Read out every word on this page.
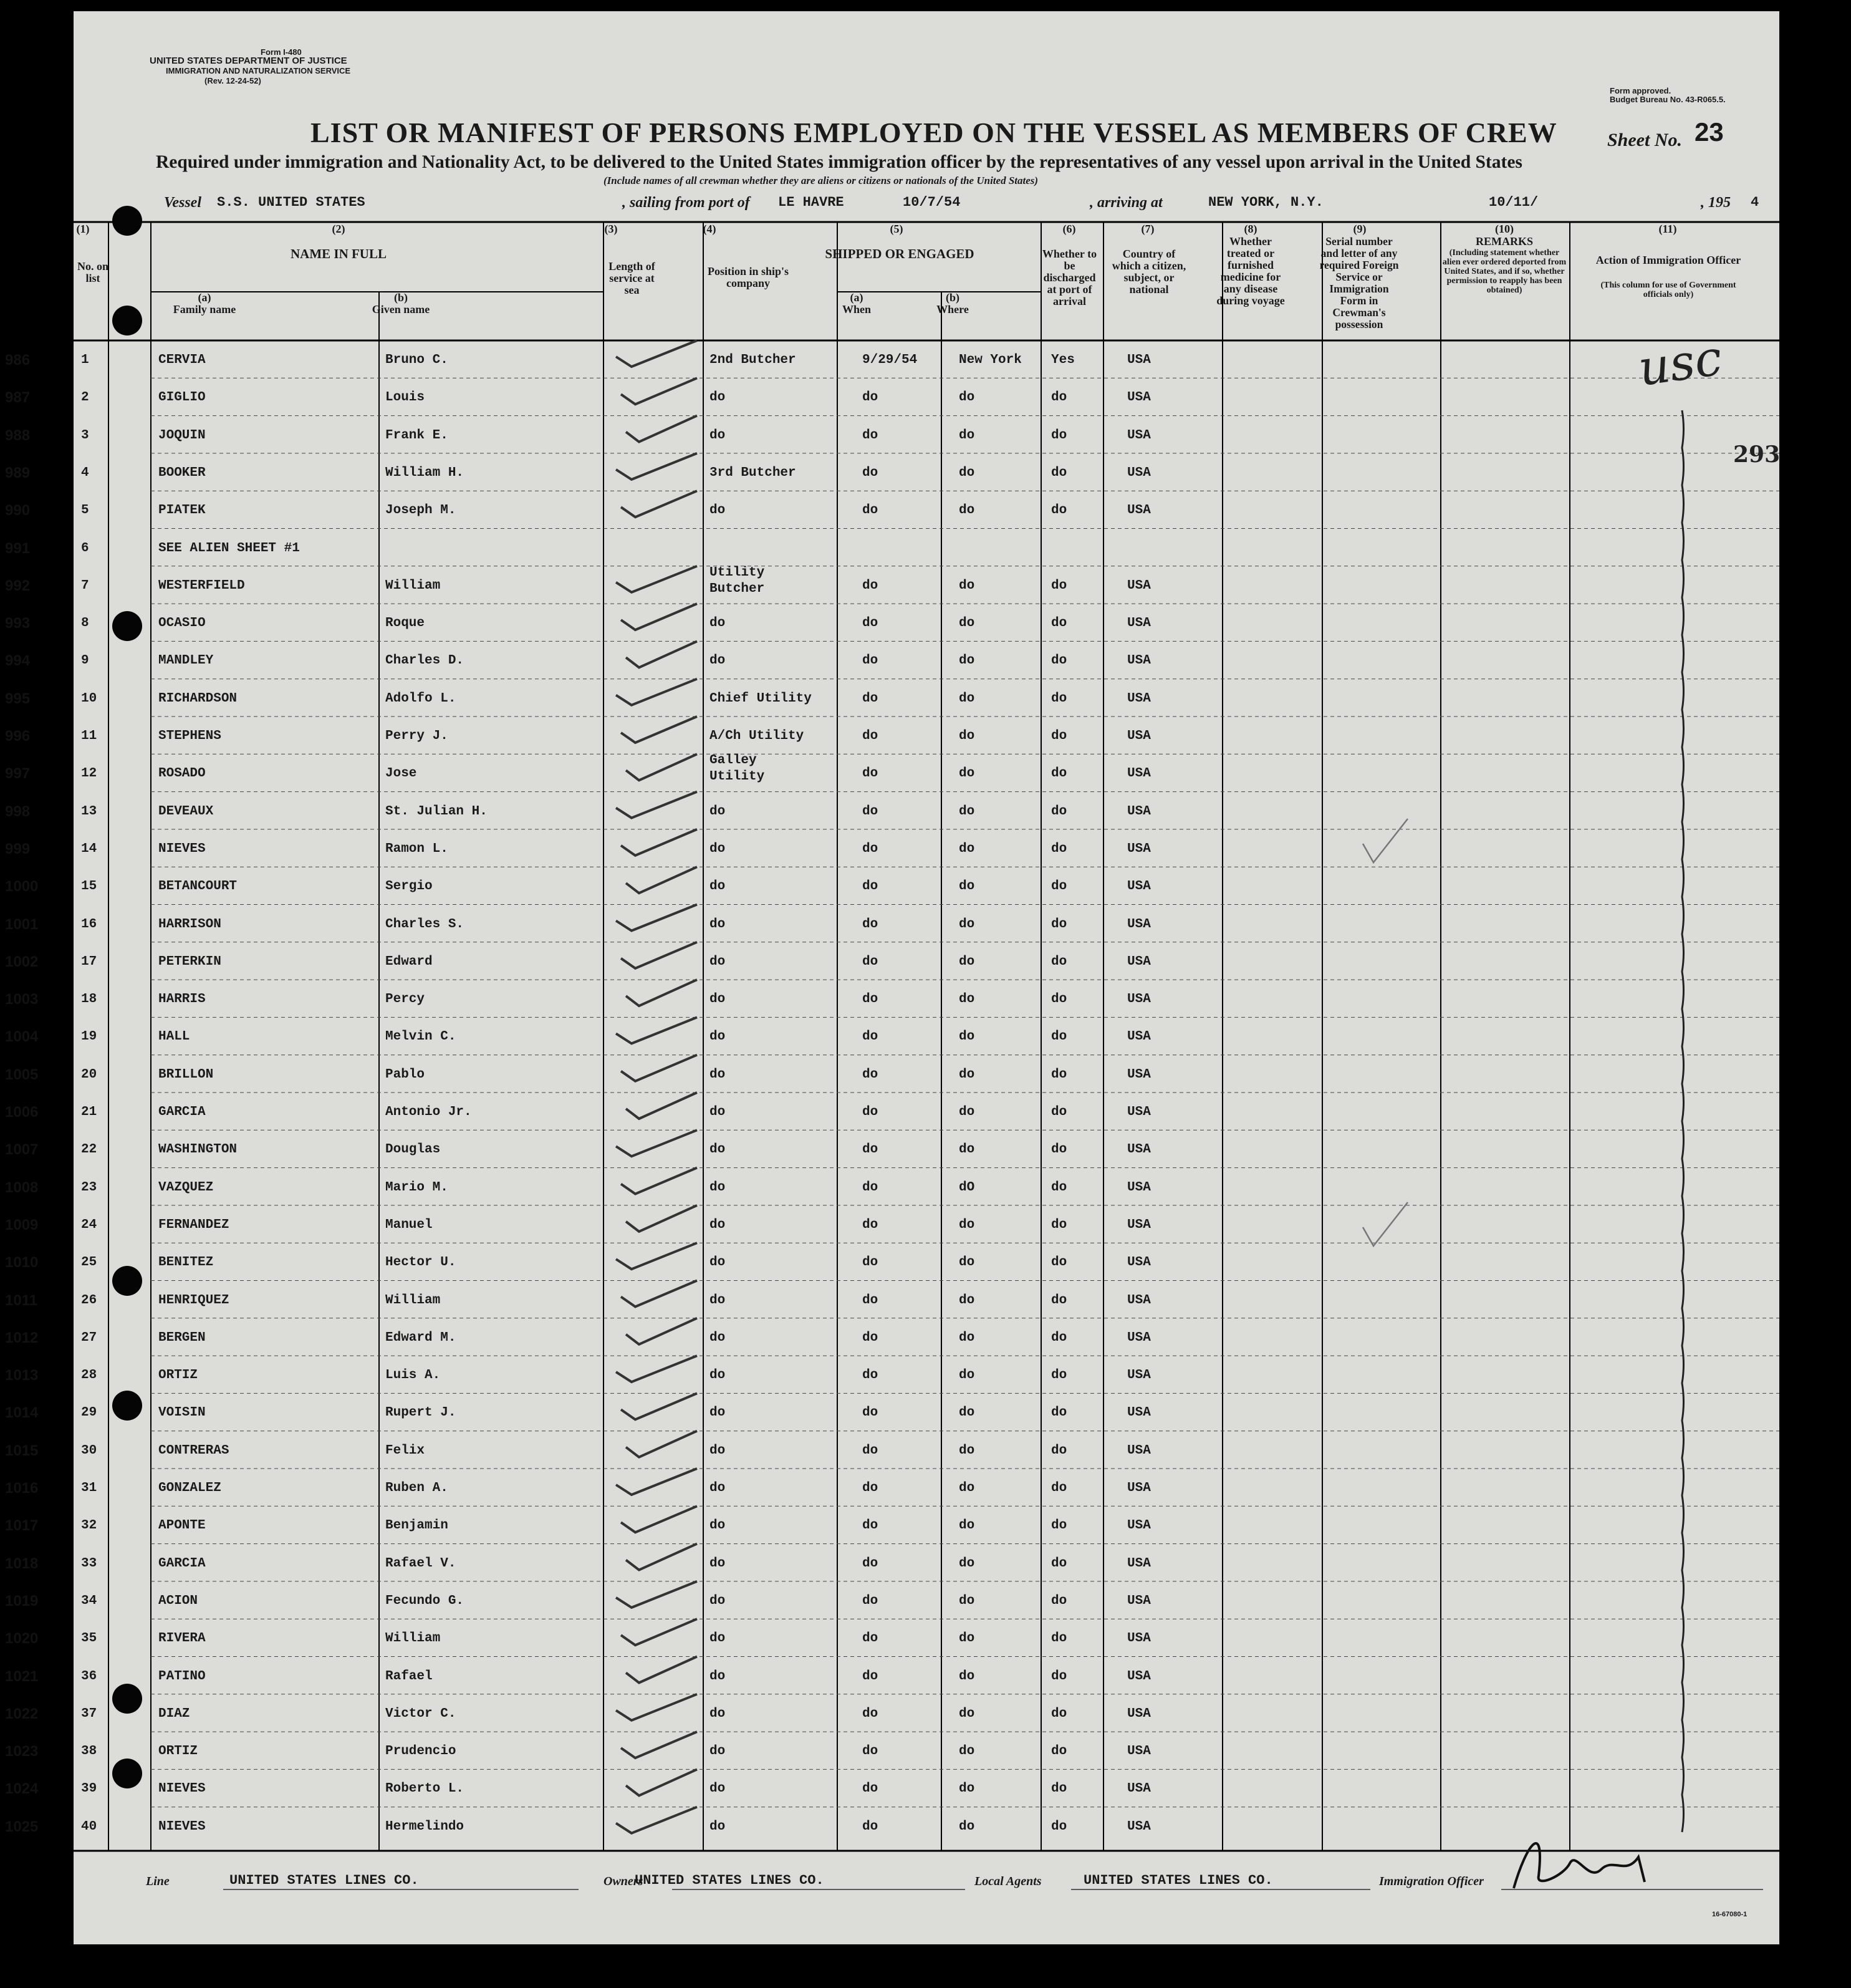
Form I-480
UNITED STATES DEPARTMENT OF JUSTICE
IMMIGRATION AND NATURALIZATION SERVICE
(Rev. 12-24-52)
Form approved.
Budget Bureau No. 43-R065.5.
LIST OR MANIFEST OF PERSONS EMPLOYED ON THE VESSEL AS MEMBERS OF CREW	Sheet No. 23
Required under immigration and Nationality Act, to be delivered to the United States immigration officer by the representatives of any vessel upon arrival in the United States
(Include names of all crewman whether they are aliens or citizens or nationals of the United States)
Vessel S.S. UNITED STATES	, sailing from port of LE HAVRE	10/7/54	, arriving at	NEW YORK, N.Y.	10/11/	, 195 4
(1)
No. on list
(2)
NAME IN FULL
(a)
Family name
(b)
Given name
(3)
Length of service at sea
(4)
Position in ship's company
(5)
SHIPPED OR ENGAGED
(a)
When
(b)
Where
(6)
Whether to be discharged at port of arrival
(7)
Country of which a citizen, subject, or national
(8)
Whether treated or furnished medicine for any disease during voyage
(9)
Serial number and letter of any required Foreign Service or Immigration Form in Crewman's possession
(10)
REMARKS
(Including statement whether alien ever ordered deported from United States, and if so, whether permission to reapply has been obtained)
(11)
Action of Immigration Officer
(This column for use of Government officials only)
986	1	CERVIA	Bruno C.	2nd Butcher	9/29/54	New York Yes	USA
987	2	GIGLIO	Louis	do	do	do	do	USA
988	3	JOQUIN	Frank E.	do	do	do	do	USA
989	4	BOOKER	William H.	3rd Butcher	do	do	do	USA
990	5	PIATEK	Joseph M.	do	do	do	do	USA
991	6	SEE ALIEN SHEET #1
992	7	WESTERFIELD	William
Utility
Butcher	do	do	do	USA
993	8	OCASIO	Roque	do	do	do	do	USA
994	9	MANDLEY	Charles D.	do	do	do	do	USA
995	10	RICHARDSON	Adolfo L.	Chief Utility	do	do	do	USA
996	11	STEPHENS	Perry J.	A/Ch Utility	do	do	do	USA
997	12	ROSADO	Jose
Galley
Utility	do	do	do	USA
998	13	DEVEAUX	St. Julian H.	do	do	do	do	USA
999	14	NIEVES	Ramon L.	do	do	do	do	USA
1000	15	BETANCOURT	Sergio	do	do	do	do	USA
1001	16	HARRISON	Charles S.	do	do	do	do	USA
1002	17	PETERKIN	Edward	do	do	do	do	USA
1003	18	HARRIS	Percy	do	do	do	do	USA
1004	19	HALL	Melvin C.	do	do	do	do	USA
1005	20	BRILLON	Pablo	do	do	do	do	USA
1006	21	GARCIA	Antonio Jr.	do	do	do	do	USA
1007	22	WASHINGTON	Douglas	do	do	do	do	USA
1008	23	VAZQUEZ	Mario M.	do	do	dO	do	USA
1009	24	FERNANDEZ	Manuel	do	do	do	do	USA
1010	25	BENITEZ	Hector U.	do	do	do	do	USA
1011	26	HENRIQUEZ	William	do	do	do	do	USA
1012	27	BERGEN	Edward M.	do	do	do	do	USA
1013	28	ORTIZ	Luis A.	do	do	do	do	USA
1014	29	VOISIN	Rupert J.	do	do	do	do	USA
1015	30	CONTRERAS	Felix	do	do	do	do	USA
1016	31	GONZALEZ	Ruben A.	do	do	do	do	USA
1017	32	APONTE	Benjamin	do	do	do	do	USA
1018	33	GARCIA	Rafael V.	do	do	do	do	USA
1019	34	ACION	Fecundo G.	do	do	do	do	USA
1020	35	RIVERA	William	do	do	do	do	USA
1021	36	PATINO	Rafael	do	do	do	do	USA
1022	37	DIAZ	Victor C.	do	do	do	do	USA
1023	38	ORTIZ	Prudencio	do	do	do	do	USA
1024	39	NIEVES	Roberto L.	do	do	do	do	USA
1025	40	NIEVES	Hermelindo	do	do	do	do	USA
usc
293
Line	UNITED STATES LINES CO.	Owners
UNITED STATES LINES CO.	Local Agents	UNITED STATES LINES CO.	Immigration Officer
16-67080-1
